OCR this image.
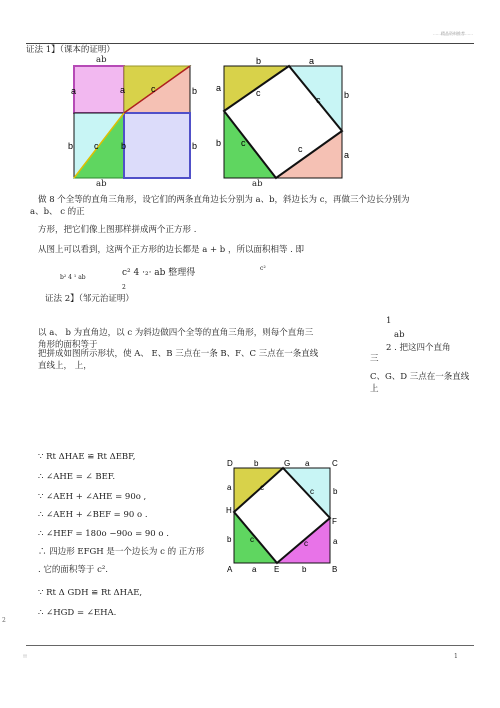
……精品资料推荐……
证法 1】（课本的证明）
a	a	c	b
b c	b	b
ab
ab
b	a
a	c	b
c
b c
c
a
ab
做 8 个全等的直角三角形，设它们的两条直角边长分别为 a、b，斜边长为 c，再做三个边长分别为
a、b、 c 的正
方形，把它们像上图那样拼成两个正方形 .
从图上可以看到，这两个正方形的边长都是 a + b ，所以面积相等 . 即
b² 4 ¹ ab	c² 4 ·₂· ab 整理得	c²
2
证法 2】（邹元治证明）
以 a、 b 为直角边，以 c 为斜边做四个全等的直角三角形，则每个直角三
角形的面积等于
把拼成如图所示形状，使 A、 E、B 三点在一条 B、F、C 三点在一条直线
直线上， 上，
1
ab
2 . 把这四个直角
三
C、G、D 三点在一条直线
上
∵ Rt ΔHAE ≌ Rt ΔEBF,
∴ ∠AHE = ∠ BEF.
∵ ∠AEH + ∠AHE = 90o ,
∴ ∠AEH + ∠BEF = 90 o .
∴ ∠HEF = 180o −90o = 90 o .
∴ 四边形 EFGH 是一个边长为 c 的 正方形
. 它的面积等于 c².
∵ Rt Δ GDH ≌ Rt ΔHAE,
∴ ∠HGD = ∠EHA.
D	G	C
H
F
A	E	B
b	a
a	b
c	c
b	a
c	c
a	b
2
!!	1
